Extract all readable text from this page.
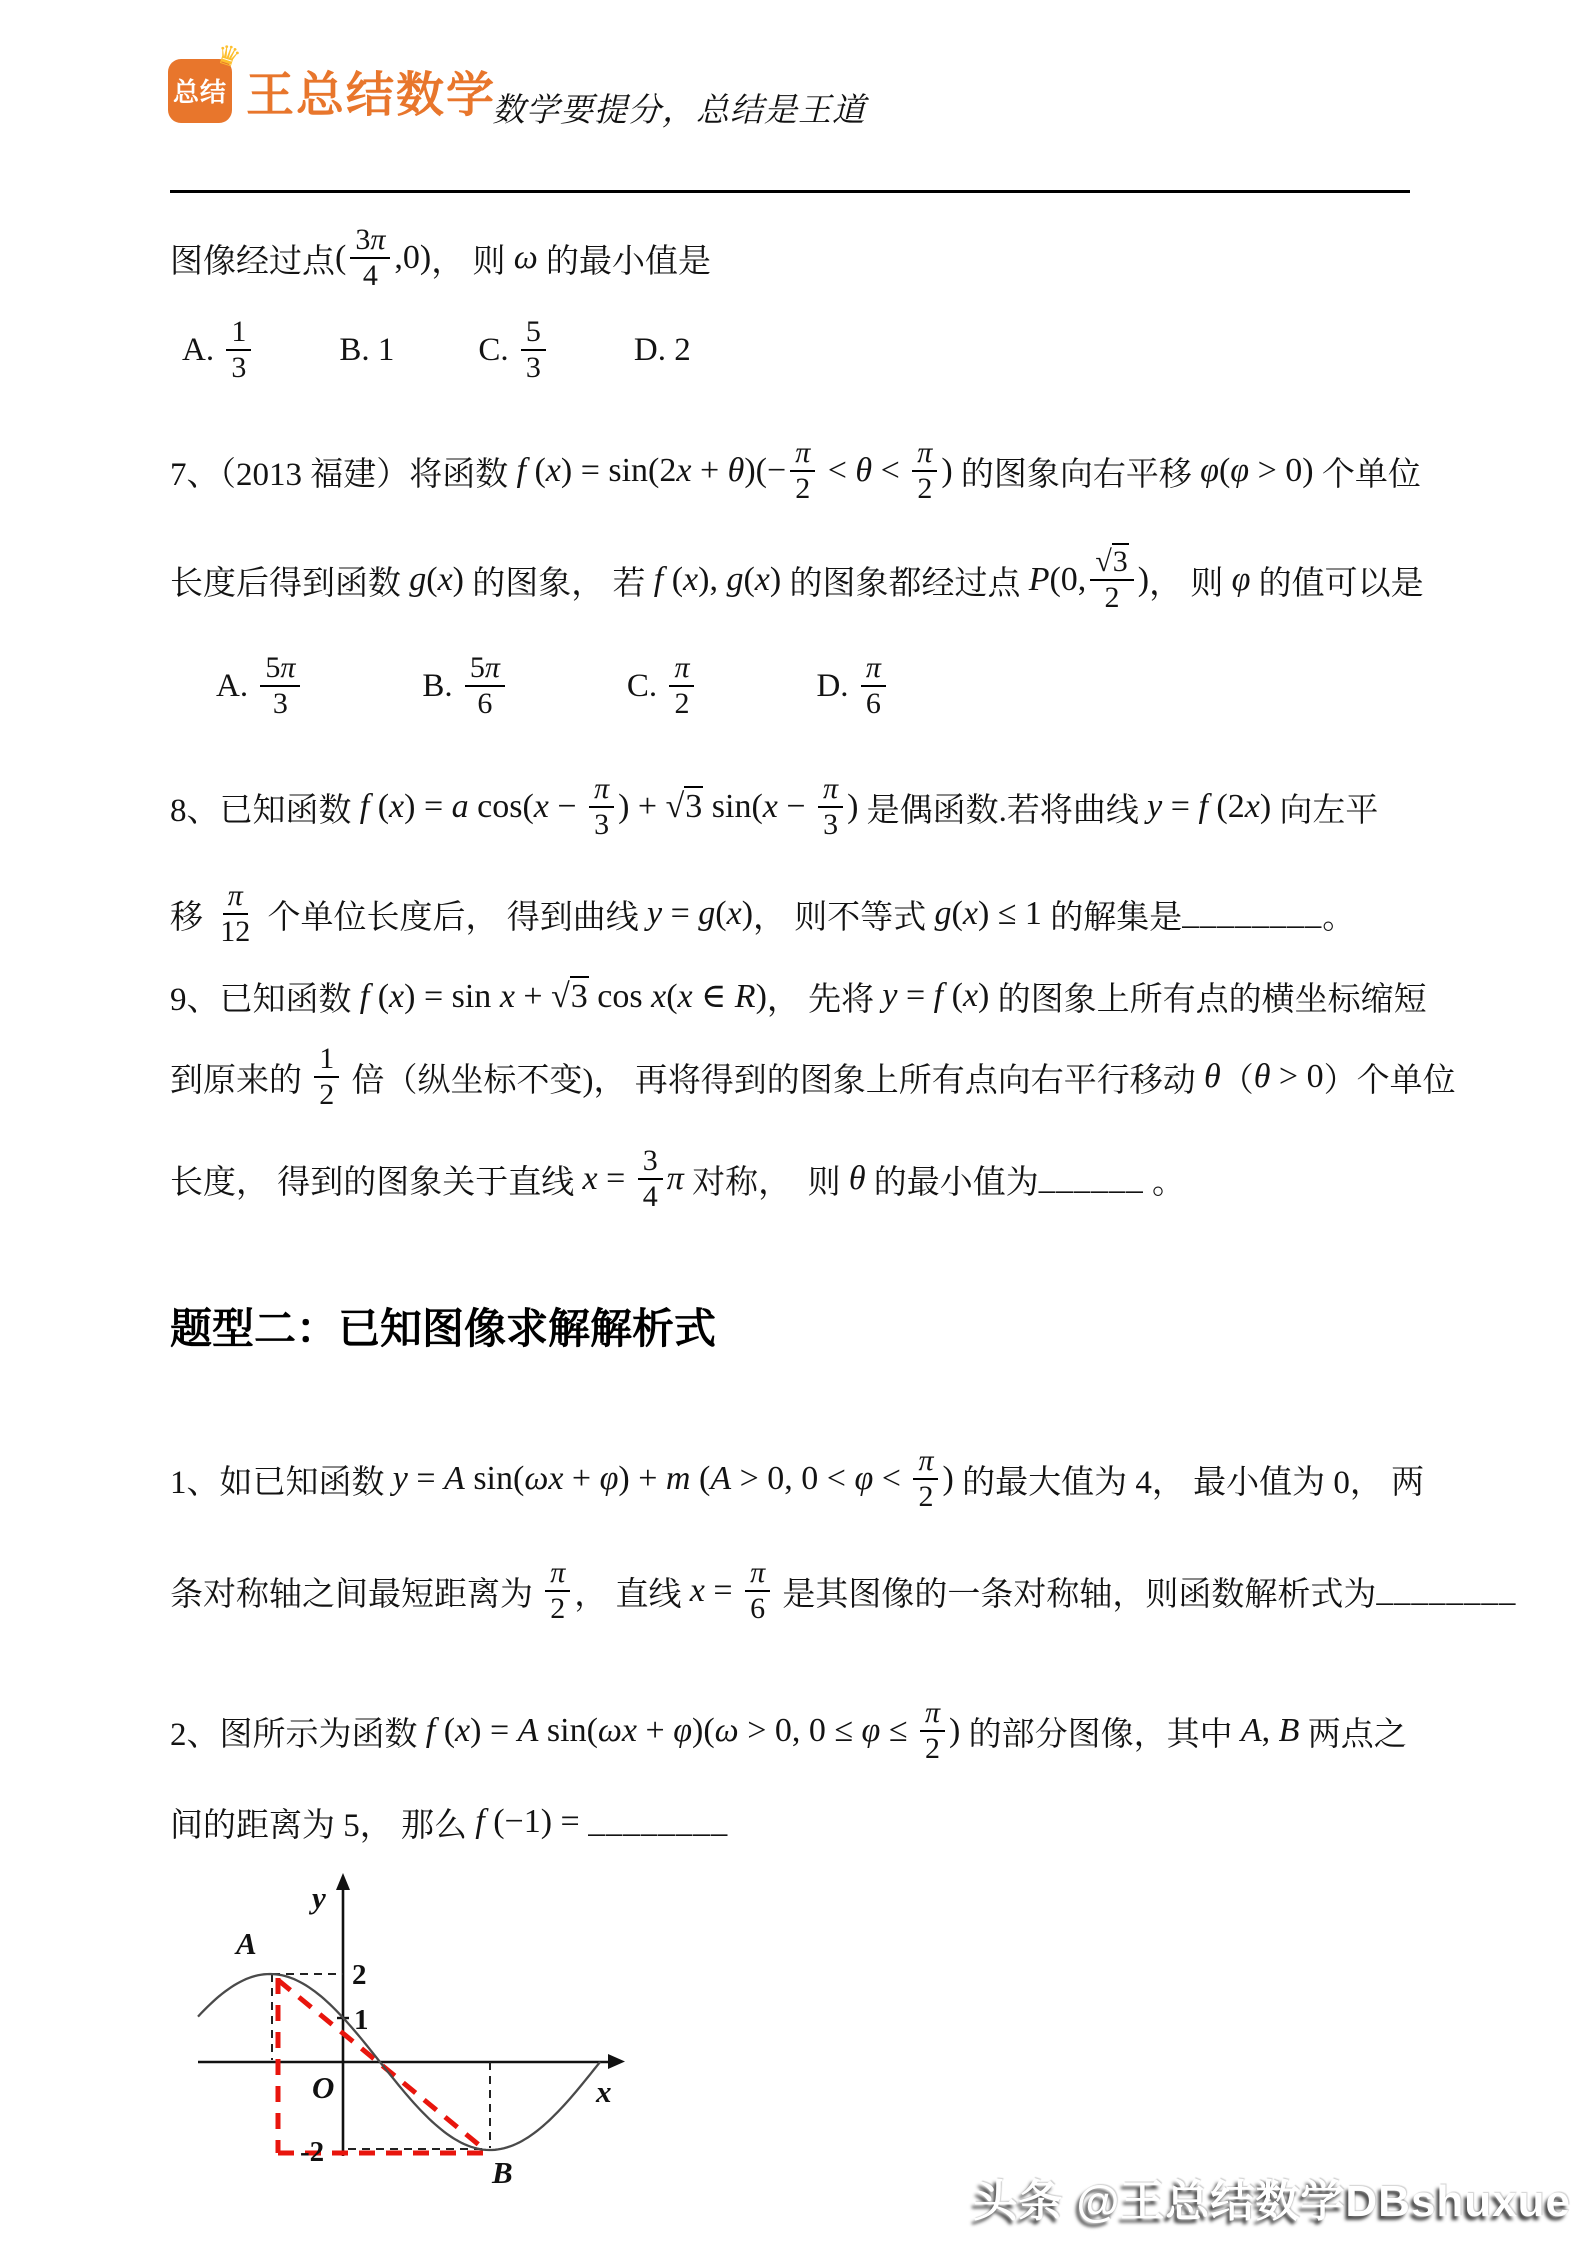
♛
总结 王总结数学
数学要提分，总结是王道
图像经过点 ( $\frac{3\pi}{4} ,0$) ， 则 ω 的最小值是
A. $\frac{1}{3}$	B. 1	C. $\frac{5}{3}$	D. 2
7、（2013 福建）将函数 f $(x) = \sin(2x + \theta)(- \frac{\pi}{2} < \theta < \frac{\pi}{2}$ ) 的图象向右平移 φ(φ > 0) 个单位
长度后得到函数 g(x) 的图象， 若 f (x), g(x) 的图象都经过点 P(0, $\frac{√3}{2}$ ) ， 则 φ 的值可以是
A. $\frac{5\pi}{3}$	B. $\frac{5\pi}{6}$	C. $\frac{\pi}{2}$	D. $\frac{\pi}{6}$
8、已知函数 f (x) = a $\cos(x - \frac{\pi}{3}$ ) + √3 $\sin(x - \frac{\pi}{3}$ ) 是偶函数.若将曲线 y = f (2x) 向左平
移 $\frac{\pi}{12}$ 个单位长度后， 得到曲线 y = g(x) ， 则不等式 g(x) ≤ 1 的解集是 ________ 。
9、已知函数 f (x) = sin x + √3 cos x(x ∈ R) ， 先将 y = f (x) 的图象上所有点的横坐标缩短
到原来的 $\frac{1}{2}$ 倍（纵坐标不变)， 再将得到的图象上所有点向右平行移动 θ （ θ > 0 ）个单位
长度， 得到的图象关于直线 $x = \frac{3}{4}$ π 对称，  则 θ 的最小值为 ______ 。
题型二：已知图像求解解析式
1、如已知函数 y = A sin(ωx + φ) + m (A > 0, $0 < \varphi < \frac{\pi}{2}$ ) 的最大值为 4， 最小值为 0， 两
条对称轴之间最短距离为 $\frac{\pi}{2}$ ， 直线 $x = \frac{\pi}{6}$ 是其图像的一条对称轴，则函数解析式为 ________
2、图所示为函数 f (x) = A sin(ωx + φ)(ω > 0, $0 \le \varphi \le \frac{\pi}{2}$ ) 的部分图像，其中 A, B 两点之
间的距离为 5， 那么 f (−1) = ________
y
x
O
A
B
2
1
-2
头条 @王总结数学DBshuxue
